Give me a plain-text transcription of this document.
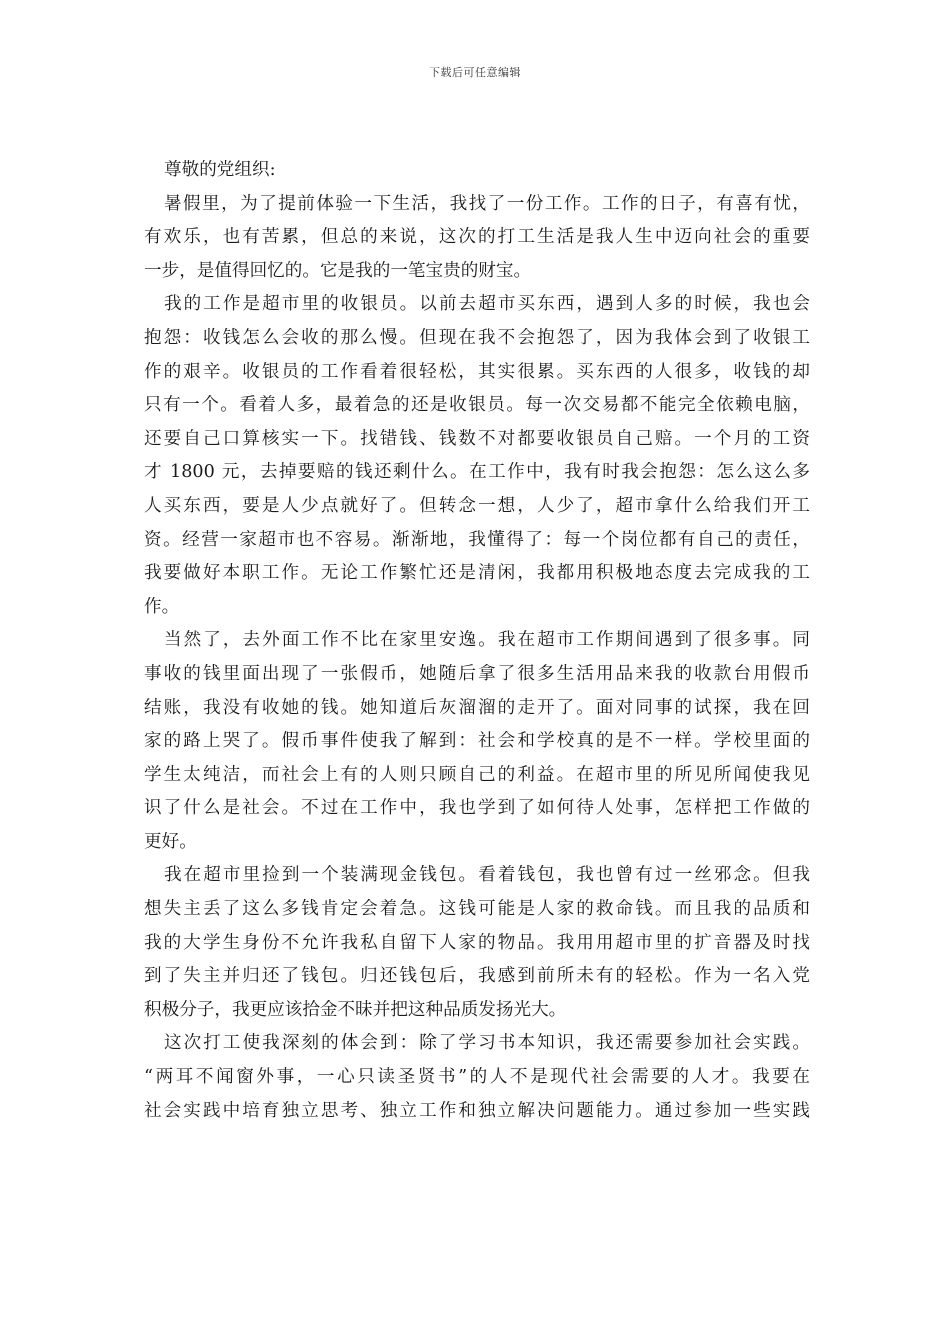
下载后可任意编辑
尊敬的党组织:
暑假里，为了提前体验一下生活，我找了一份工作。工作的日子，有喜有忧，
有欢乐，也有苦累，但总的来说，这次的打工生活是我人生中迈向社会的重要
一步，是值得回忆的。它是我的一笔宝贵的财宝。
我的工作是超市里的收银员。以前去超市买东西，遇到人多的时候，我也会
抱怨：收钱怎么会收的那么慢。但现在我不会抱怨了，因为我体会到了收银工
作的艰辛。收银员的工作看着很轻松，其实很累。买东西的人很多，收钱的却
只有一个。看着人多，最着急的还是收银员。每一次交易都不能完全依赖电脑，
还要自己口算核实一下。找错钱、钱数不对都要收银员自己赔。一个月的工资
才 1800 元，去掉要赔的钱还剩什么。在工作中，我有时我会抱怨：怎么这么多
人买东西，要是人少点就好了。但转念一想，人少了，超市拿什么给我们开工
资。经营一家超市也不容易。渐渐地，我懂得了：每一个岗位都有自己的责任，
我要做好本职工作。无论工作繁忙还是清闲，我都用积极地态度去完成我的工
作。
当然了，去外面工作不比在家里安逸。我在超市工作期间遇到了很多事。同
事收的钱里面出现了一张假币，她随后拿了很多生活用品来我的收款台用假币
结账，我没有收她的钱。她知道后灰溜溜的走开了。面对同事的试探，我在回
家的路上哭了。假币事件使我了解到：社会和学校真的是不一样。学校里面的
学生太纯洁，而社会上有的人则只顾自己的利益。在超市里的所见所闻使我见
识了什么是社会。不过在工作中，我也学到了如何待人处事，怎样把工作做的
更好。
我在超市里捡到一个装满现金钱包。看着钱包，我也曾有过一丝邪念。但我
想失主丢了这么多钱肯定会着急。这钱可能是人家的救命钱。而且我的品质和
我的大学生身份不允许我私自留下人家的物品。我用用超市里的扩音器及时找
到了失主并归还了钱包。归还钱包后，我感到前所未有的轻松。作为一名入党
积极分子，我更应该拾金不昧并把这种品质发扬光大。
这次打工使我深刻的体会到：除了学习书本知识，我还需要参加社会实践。
“两耳不闻窗外事，一心只读圣贤书”的人不是现代社会需要的人才。我要在
社会实践中培育独立思考、独立工作和独立解决问题能力。通过参加一些实践
